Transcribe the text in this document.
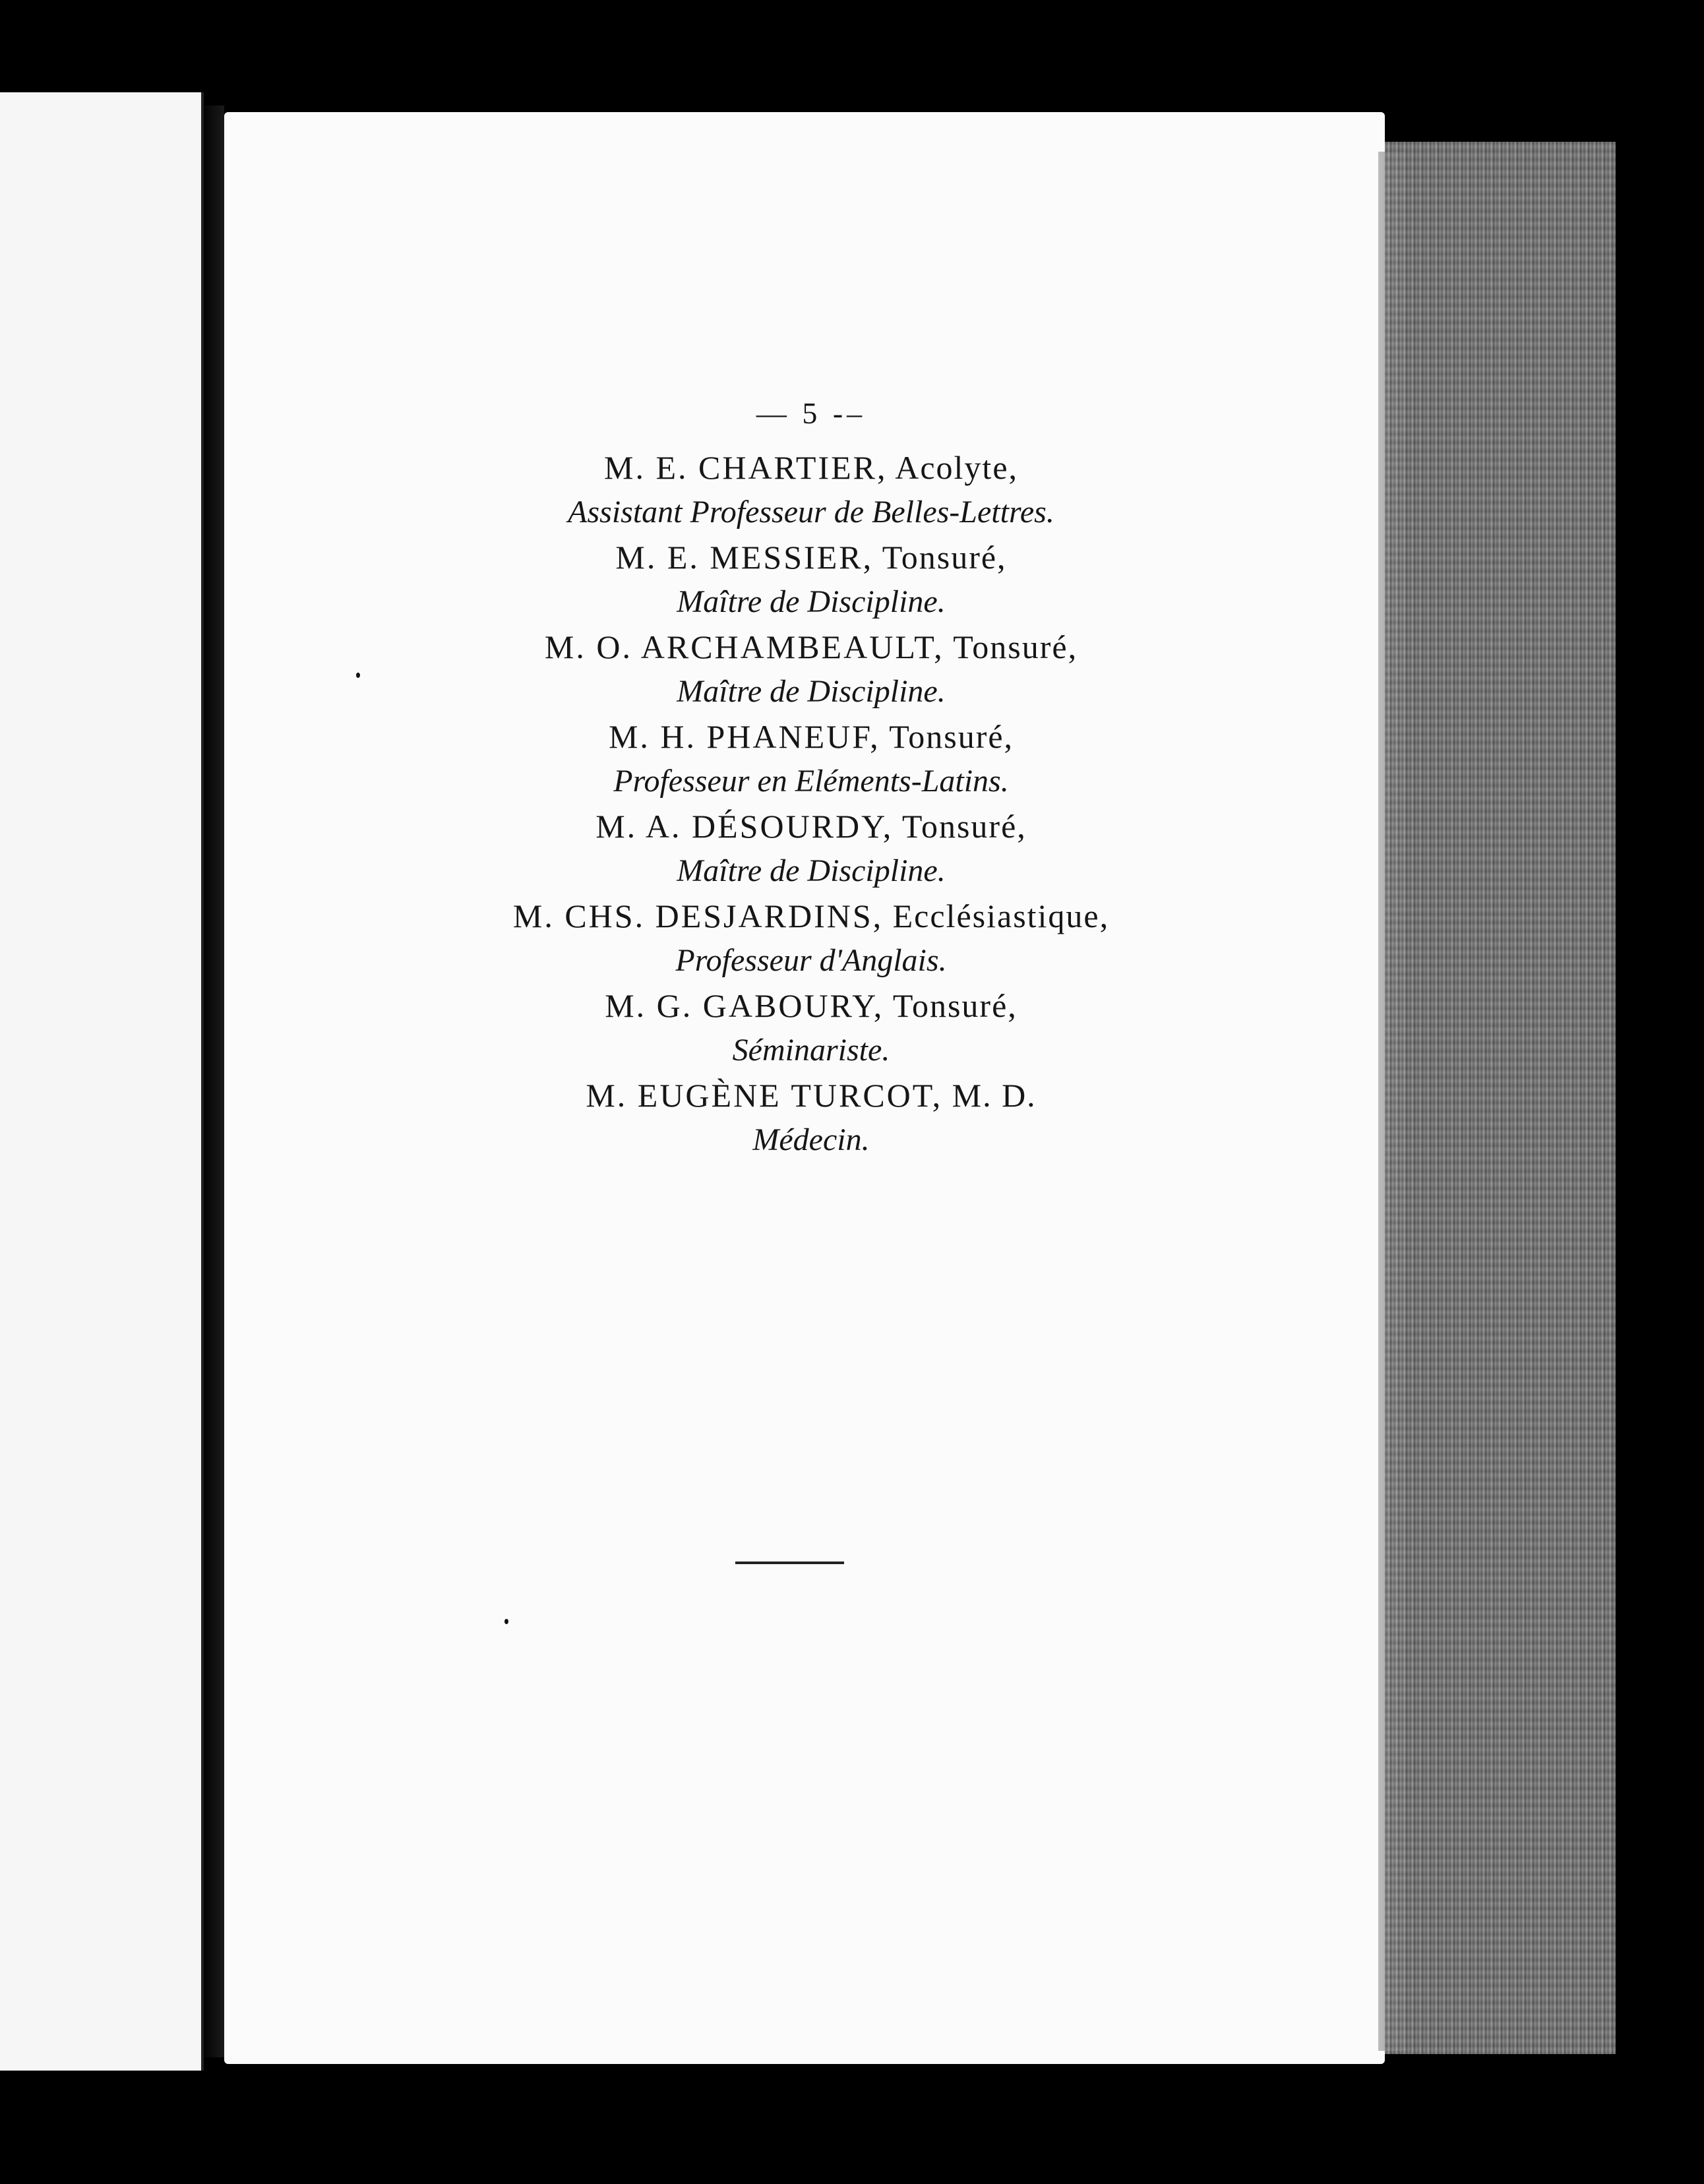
— 5 -–
M. E. CHARTIER, Acolyte,
Assistant Professeur de Belles-Lettres.
M. E. MESSIER, Tonsuré,
Maître de Discipline.
M. O. ARCHAMBEAULT, Tonsuré,
Maître de Discipline.
M. H. PHANEUF, Tonsuré,
Professeur en Eléments-Latins.
M. A. DÉSOURDY, Tonsuré,
Maître de Discipline.
M. CHS. DESJARDINS, Ecclésiastique,
Professeur d'Anglais.
M. G. GABOURY, Tonsuré,
Séminariste.
M. EUGÈNE TURCOT, M. D.
Médecin.
